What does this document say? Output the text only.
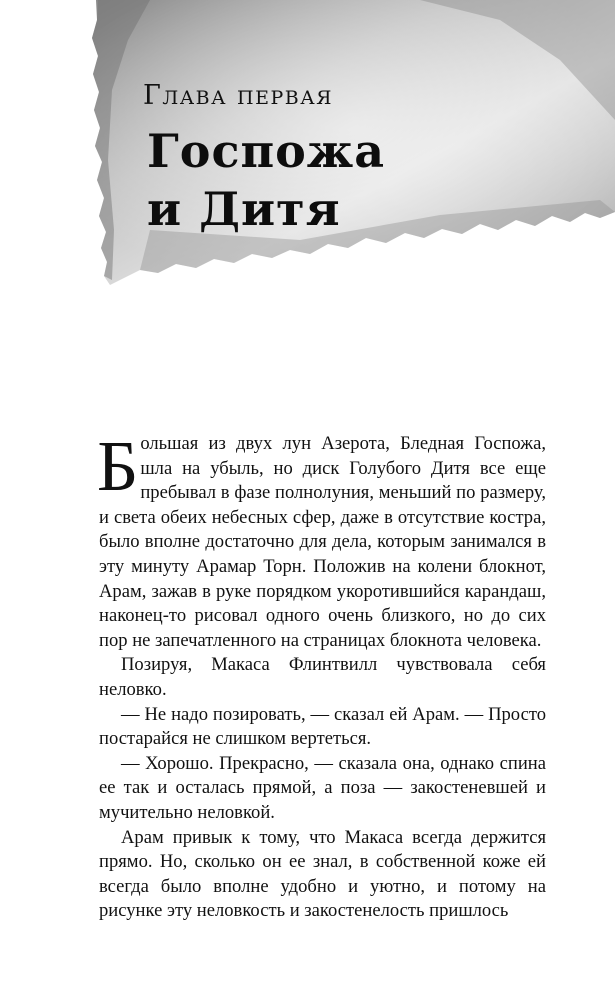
Глава первая
Госпожа
и Дитя

Большая из двух лун Азерота, Бледная Госпожа, шла на убыль, но диск Голубого Дитя все еще пребывал в фазе полнолуния, меньший по размеру, и света обеих небесных сфер, даже в отсутствие костра, было вполне достаточно для дела, которым занимался в эту минуту Арамар Торн. Положив на колени блокнот, Арам, зажав в руке порядком укоротившийся карандаш, наконец-то рисовал одного очень близкого, но до сих пор не запечатленного на страницах блокнота человека.

Позируя, Макаса Флинтвилл чувствовала себя неловко.

— Не надо позировать, — сказал ей Арам. — Просто постарайся не слишком вертеться.

— Хорошо. Прекрасно, — сказала она, однако спина ее так и осталась прямой, а поза — закостеневшей и мучительно неловкой.

Арам привык к тому, что Макаса всегда держится прямо. Но, сколько он ее знал, в собственной коже ей всегда было вполне удобно и уютно, и потому на рисунке эту неловкость и закостенелость пришлось
